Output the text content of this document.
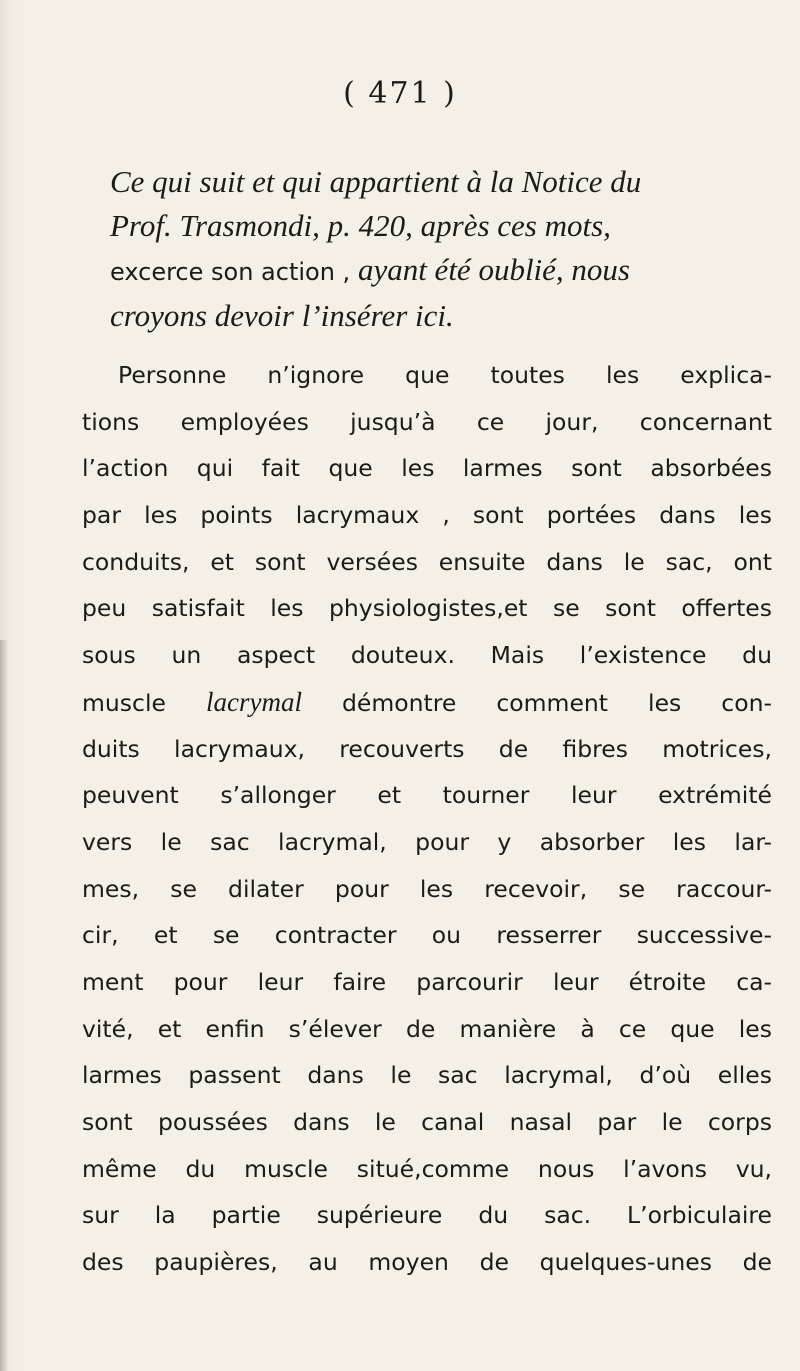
( 471 )

Ce qui suit et qui appartient à la Notice du

Prof. Trasmondi, p. 420, après ces mots,

excerce son action , ayant été oublié, nous

croyons devoir l’insérer ici.

Personne n’ignore que toutes les explica-
tions employées jusqu’à ce jour, concernant
l’action qui fait que les larmes sont absorbées
par les points lacrymaux , sont portées dans les
conduits, et sont versées ensuite dans le sac, ont
peu satisfait les physiologistes,et se sont offertes
sous un aspect douteux. Mais l’existence du
muscle lacrymal démontre comment les con-
duits lacrymaux, recouverts de fibres motrices,
peuvent s’allonger et tourner leur extrémité
vers le sac lacrymal, pour y absorber les lar-
mes, se dilater pour les recevoir, se raccour-
cir, et se contracter ou resserrer successive-
ment pour leur faire parcourir leur étroite ca-
vité, et enfin s’élever de manière à ce que les
larmes passent dans le sac lacrymal, d’où elles
sont poussées dans le canal nasal par le corps
même du muscle situé,comme nous l’avons vu,
sur la partie supérieure du sac. L’orbiculaire
des paupières, au moyen de quelques-unes de
